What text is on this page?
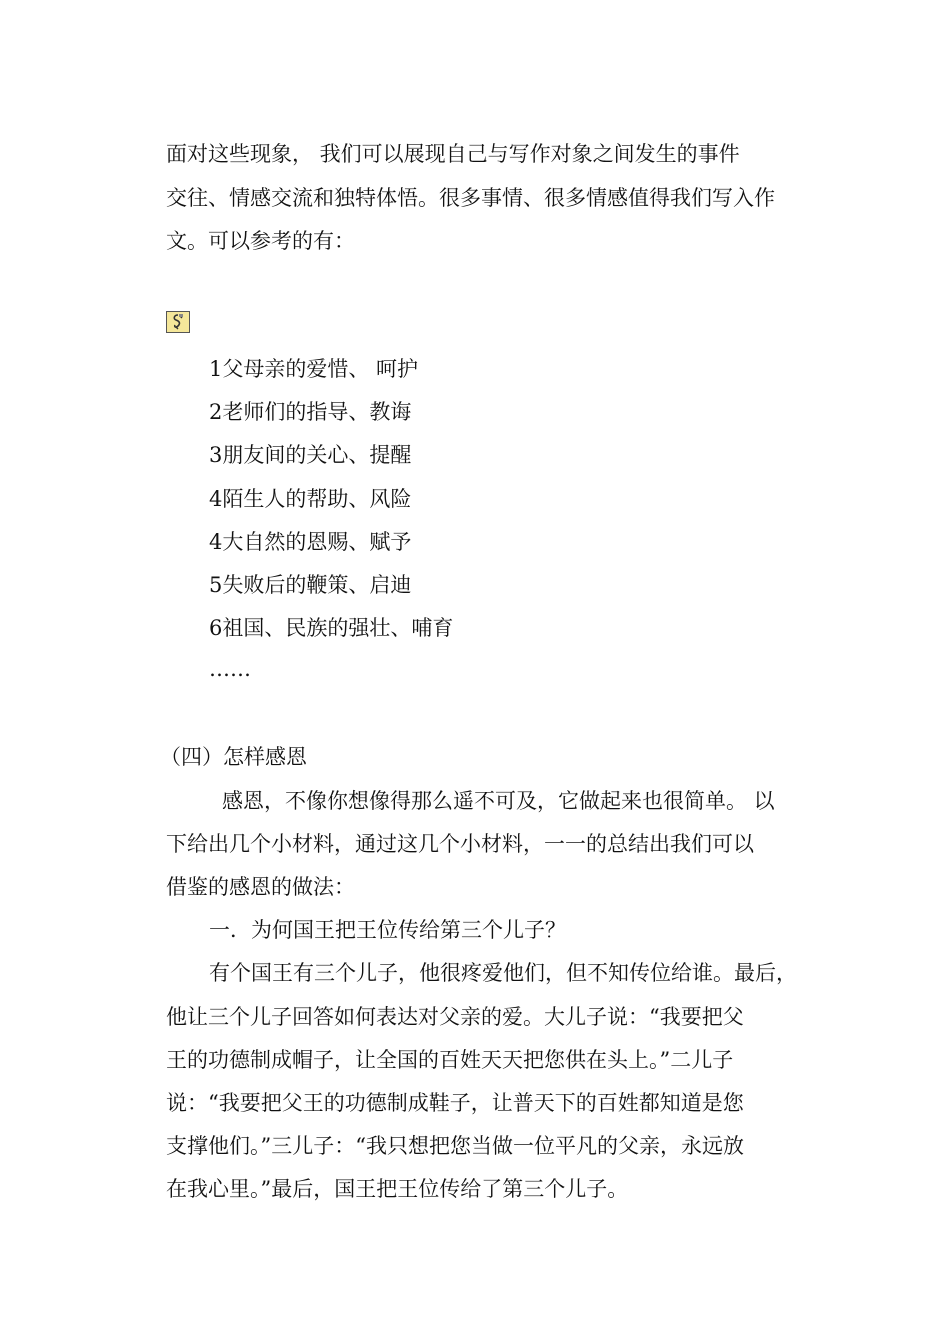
面对这些现象， 我们可以展现自己与写作对象之间发生的事件
交往、情感交流和独特体悟。很多事情、很多情感值得我们写入作
文。可以参考的有：
1父母亲的爱惜、 呵护
2老师们的指导、教诲
3朋友间的关心、提醒
4陌生人的帮助、风险
4大自然的恩赐、赋予
5失败后的鞭策、启迪
6祖国、民族的强壮、哺育
……
（四）怎样感恩
感恩，不像你想像得那么遥不可及，它做起来也很简单。 以
下给出几个小材料，通过这几个小材料，一一的总结出我们可以
借鉴的感恩的做法：
一．为何国王把王位传给第三个儿子？
有个国王有三个儿子，他很疼爱他们，但不知传位给谁。最后，
他让三个儿子回答如何表达对父亲的爱。大儿子说：“我要把父
王的功德制成帽子，让全国的百姓天天把您供在头上。”二儿子
说：“我要把父王的功德制成鞋子，让普天下的百姓都知道是您
支撑他们。”三儿子：“我只想把您当做一位平凡的父亲，永远放
在我心里。”最后，国王把王位传给了第三个儿子。
